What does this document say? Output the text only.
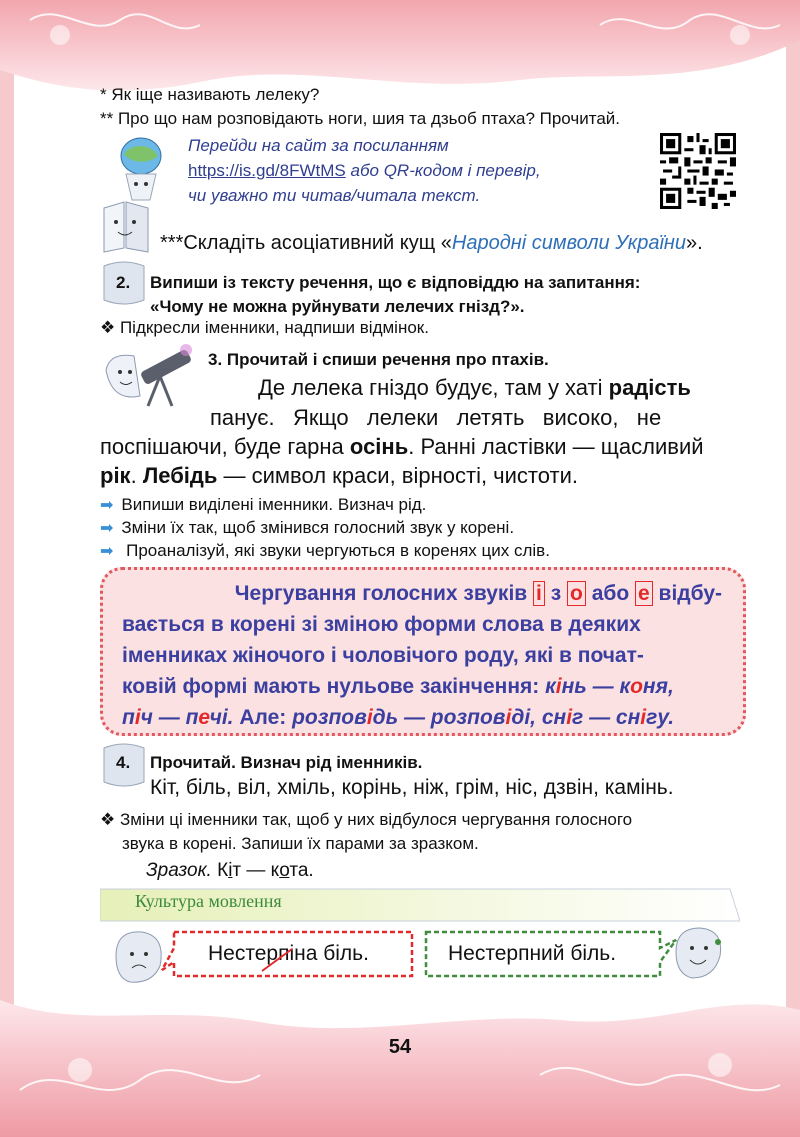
* Як іще називають лелеку?
** Про що нам розповідають ноги, шия та дзьоб птаха? Прочитай.
Перейди на сайт за посиланням
https://is.gd/8FWtMS або QR-кодом і перевір,
чи уважно ти читав/читала текст.
***Складіть асоціативний кущ «Народні символи України».
2. Випиши із тексту речення, що є відповіддю на запитання:
«Чому не можна руйнувати лелечих гнізд?».
❖ Підкресли іменники, надпиши відмінок.
3. Прочитай і спиши речення про птахів.
Де лелека гніздо будує, там у хаті радість
панує.   Якщо   лелеки   летять   високо,   не
поспішаючи, буде гарна осінь. Ранні ластівки — щасливий
рік. Лебідь — символ краси, вірності, чистоти.
➡ Випиши виділені іменники. Визнач рід.
➡ Зміни їх так, щоб змінився голосний звук у корені.
➡ Проаналізуй, які звуки чергуються в коренях цих слів.
Чергування голосних звуків і з о або е відбу-
вається в корені зі зміною форми слова в деяких
іменниках жіночого і чоловічого роду, які в почат-
ковій формі мають нульове закінчення: кінь — коня,
піч — печі. Але: розповідь — розповіді, сніг — снігу.
4. Прочитай. Визнач рід іменників.
Кіт, біль, віл, хміль, корінь, ніж, грім, ніс, дзвін, камінь.
❖ Зміни ці іменники так, щоб у них відбулося чергування голосного
звука в корені. Запиши їх парами за зразком.
Зразок. Кіт — кота.
Культура мовлення
Нестерпіна біль.	Нестерпний біль.
54
